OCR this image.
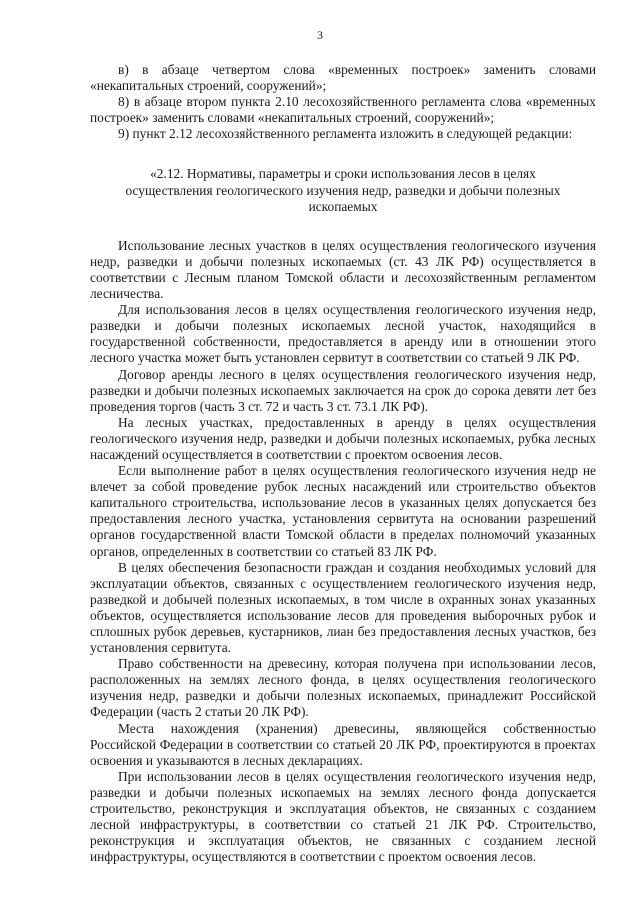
3

в) в абзаце четвертом слова «временных построек» заменить словами «некапитальных строений, сооружений»;

8) в абзаце втором пункта 2.10 лесохозяйственного регламента слова «временных построек» заменить словами «некапитальных строений, сооружений»;

9) пункт 2.12 лесохозяйственного регламента изложить в следующей редакции:

«2.12. Нормативы, параметры и сроки использования лесов в целях осуществления геологического изучения недр, разведки и добычи полезных ископаемых

Использование лесных участков в целях осуществления геологического изучения недр, разведки и добычи полезных ископаемых (ст. 43 ЛК РФ) осуществляется в соответствии с Лесным планом Томской области и лесохозяйственным регламентом лесничества.

Для использования лесов в целях осуществления геологического изучения недр, разведки и добычи полезных ископаемых лесной участок, находящийся в государственной собственности, предоставляется в аренду или в отношении этого лесного участка может быть установлен сервитут в соответствии со статьей 9 ЛК РФ.

Договор аренды лесного в целях осуществления геологического изучения недр, разведки и добычи полезных ископаемых заключается на срок до сорока девяти лет без проведения торгов (часть 3 ст. 72 и часть 3 ст. 73.1 ЛК РФ).

На лесных участках, предоставленных в аренду в целях осуществления геологического изучения недр, разведки и добычи полезных ископаемых, рубка лесных насаждений осуществляется в соответствии с проектом освоения лесов.

Если выполнение работ в целях осуществления геологического изучения недр не влечет за собой проведение рубок лесных насаждений или строительство объектов капитального строительства, использование лесов в указанных целях допускается без предоставления лесного участка, установления сервитута на основании разрешений органов государственной власти Томской области в пределах полномочий указанных органов, определенных в соответствии со статьей 83 ЛК РФ.

В целях обеспечения безопасности граждан и создания необходимых условий для эксплуатации объектов, связанных с осуществлением геологического изучения недр, разведкой и добычей полезных ископаемых, в том числе в охранных зонах указанных объектов, осуществляется использование лесов для проведения выборочных рубок и сплошных рубок деревьев, кустарников, лиан без предоставления лесных участков, без установления сервитута.

Право собственности на древесину, которая получена при использовании лесов, расположенных на землях лесного фонда, в целях осуществления геологического изучения недр, разведки и добычи полезных ископаемых, принадлежит Российской Федерации (часть 2 статьи 20 ЛК РФ).

Места нахождения (хранения) древесины, являющейся собственностью Российской Федерации в соответствии со статьей 20 ЛК РФ, проектируются в проектах освоения и указываются в лесных декларациях.

При использовании лесов в целях осуществления геологического изучения недр, разведки и добычи полезных ископаемых на землях лесного фонда допускается строительство, реконструкция и эксплуатация объектов, не связанных с созданием лесной инфраструктуры, в соответствии со статьей 21 ЛК РФ. Строительство, реконструкция и эксплуатация объектов, не связанных с созданием лесной инфраструктуры, осуществляются в соответствии с проектом освоения лесов.
